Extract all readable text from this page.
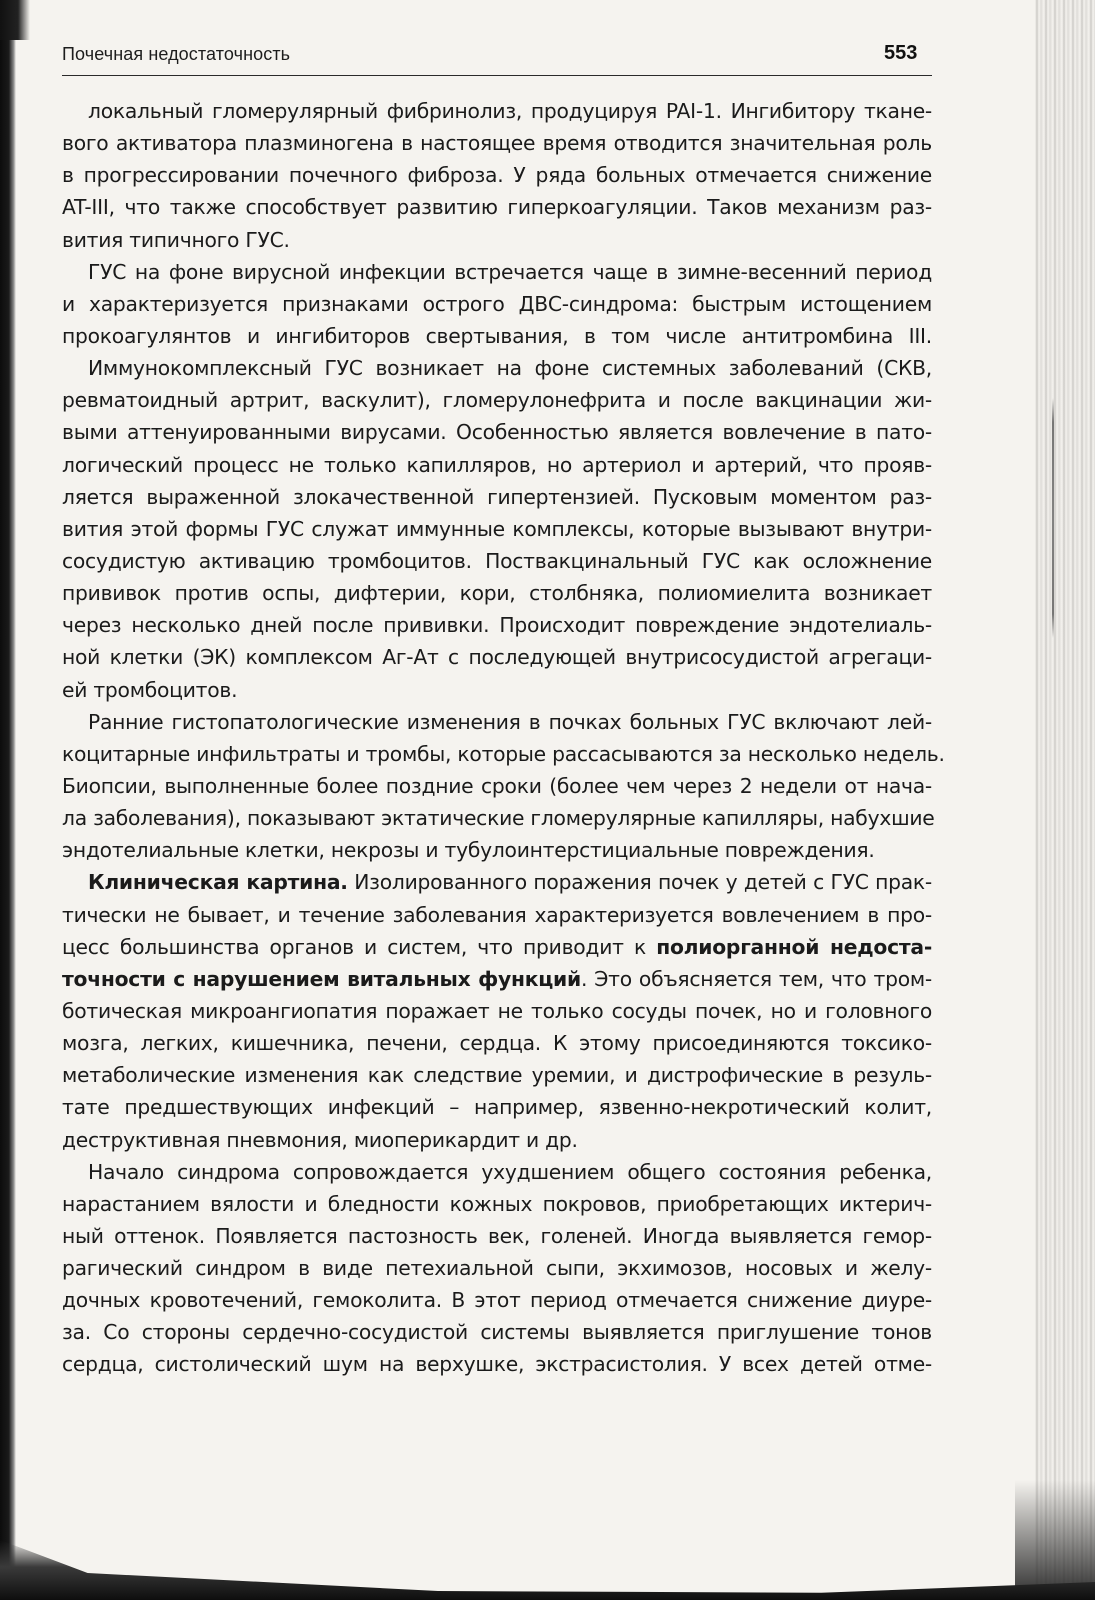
Почечная недостаточность	553
локальный гломерулярный фибринолиз, продуцируя PAI-1. Ингибитору ткане-
вого активатора плазминогена в настоящее время отводится значительная роль
в прогрессировании почечного фиброза. У ряда больных отмечается снижение
AT-III, что также способствует развитию гиперкоагуляции. Таков механизм раз-
вития типичного ГУС.
ГУС на фоне вирусной инфекции встречается чаще в зимне-весенний период
и характеризуется признаками острого ДВС-синдрома: быстрым истощением
прокоагулянтов и ингибиторов свертывания, в том числе антитромбина III.
Иммунокомплексный ГУС возникает на фоне системных заболеваний (СКВ,
ревматоидный артрит, васкулит), гломерулонефрита и после вакцинации жи-
выми аттенуированными вирусами. Особенностью является вовлечение в пато-
логический процесс не только капилляров, но артериол и артерий, что прояв-
ляется выраженной злокачественной гипертензией. Пусковым моментом раз-
вития этой формы ГУС служат иммунные комплексы, которые вызывают внутри-
сосудистую активацию тромбоцитов. Поствакцинальный ГУС как осложнение
прививок против оспы, дифтерии, кори, столбняка, полиомиелита возникает
через несколько дней после прививки. Происходит повреждение эндотелиаль-
ной клетки (ЭК) комплексом Аг-Ат с последующей внутрисосудистой агрегаци-
ей тромбоцитов.
Ранние гистопатологические изменения в почках больных ГУС включают лей-
коцитарные инфильтраты и тромбы, которые рассасываются за несколько недель.
Биопсии, выполненные более поздние сроки (более чем через 2 недели от нача-
ла заболевания), показывают эктатические гломерулярные капилляры, набухшие
эндотелиальные клетки, некрозы и тубулоинтерстициальные повреждения.
Клиническая картина. Изолированного поражения почек у детей с ГУС прак-
тически не бывает, и течение заболевания характеризуется вовлечением в про-
цесс большинства органов и систем, что приводит к полиорганной недоста-
точности с нарушением витальных функций. Это объясняется тем, что тром-
ботическая микроангиопатия поражает не только сосуды почек, но и головного
мозга, легких, кишечника, печени, сердца. К этому присоединяются токсико-
метаболические изменения как следствие уремии, и дистрофические в резуль-
тате предшествующих инфекций – например, язвенно-некротический колит,
деструктивная пневмония, миоперикардит и др.
Начало синдрома сопровождается ухудшением общего состояния ребенка,
нарастанием вялости и бледности кожных покровов, приобретающих иктерич-
ный оттенок. Появляется пастозность век, голеней. Иногда выявляется гемор-
рагический синдром в виде петехиальной сыпи, экхимозов, носовых и желу-
дочных кровотечений, гемоколита. В этот период отмечается снижение диуре-
за. Со стороны сердечно-сосудистой системы выявляется приглушение тонов
сердца, систолический шум на верхушке, экстрасистолия. У всех детей отме-
